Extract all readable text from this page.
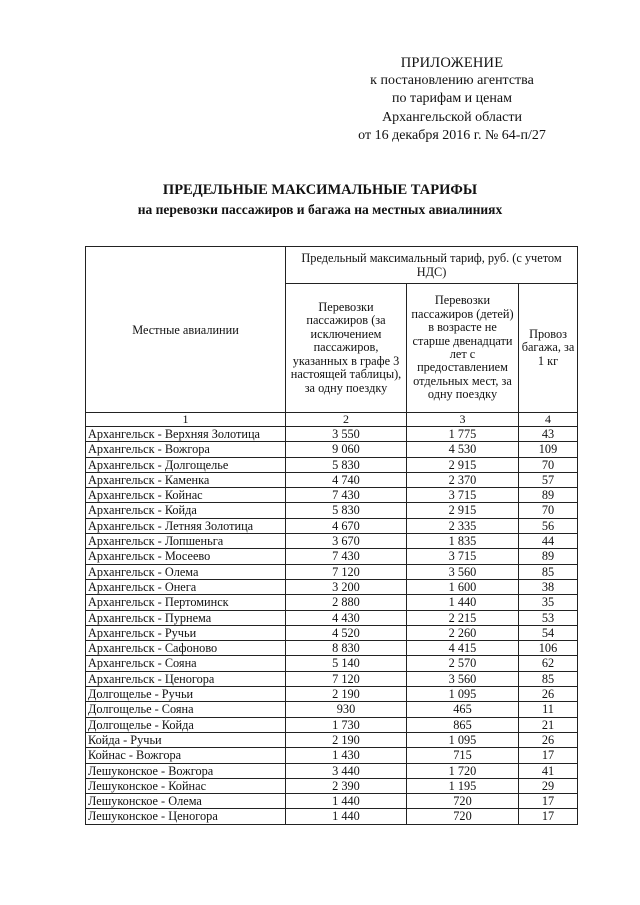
ПРИЛОЖЕНИЕ
к постановлению агентства
по тарифам и ценам
Архангельской области
от 16 декабря 2016 г. № 64-п/27
ПРЕДЕЛЬНЫЕ МАКСИМАЛЬНЫЕ ТАРИФЫ
на перевозки пассажиров и багажа на местных авиалиниях
Местные авиалинии	Предельный максимальный тариф, руб. (с учетом НДС)		
	Перевозки пассажиров (за исключением пассажиров, указанных в графе 3 настоящей таблицы), за одну поездку	Перевозки пассажиров (детей) в возрасте не старше двенадцати лет с предоставлением отдельных мест, за одну поездку	Провоз багажа, за 1 кг
1	2	3	4
Архангельск - Верхняя Золотица	3 550	1 775	43
Архангельск - Вожгора	9 060	4 530	109
Архангельск - Долгощелье	5 830	2 915	70
Архангельск - Каменка	4 740	2 370	57
Архангельск - Койнас	7 430	3 715	89
Архангельск - Койда	5 830	2 915	70
Архангельск - Летняя Золотица	4 670	2 335	56
Архангельск - Лопшеньга	3 670	1 835	44
Архангельск - Мосеево	7 430	3 715	89
Архангельск - Олема	7 120	3 560	85
Архангельск - Онега	3 200	1 600	38
Архангельск - Пертоминск	2 880	1 440	35
Архангельск - Пурнема	4 430	2 215	53
Архангельск - Ручьи	4 520	2 260	54
Архангельск - Сафоново	8 830	4 415	106
Архангельск - Сояна	5 140	2 570	62
Архангельск - Ценогора	7 120	3 560	85
Долгощелье - Ручьи	2 190	1 095	26
Долгощелье - Сояна	930	465	11
Долгощелье - Койда	1 730	865	21
Койда - Ручьи	2 190	1 095	26
Койнас - Вожгора	1 430	715	17
Лешуконское - Вожгора	3 440	1 720	41
Лешуконское - Койнас	2 390	1 195	29
Лешуконское - Олема	1 440	720	17
Лешуконское - Ценогора	1 440	720	17
